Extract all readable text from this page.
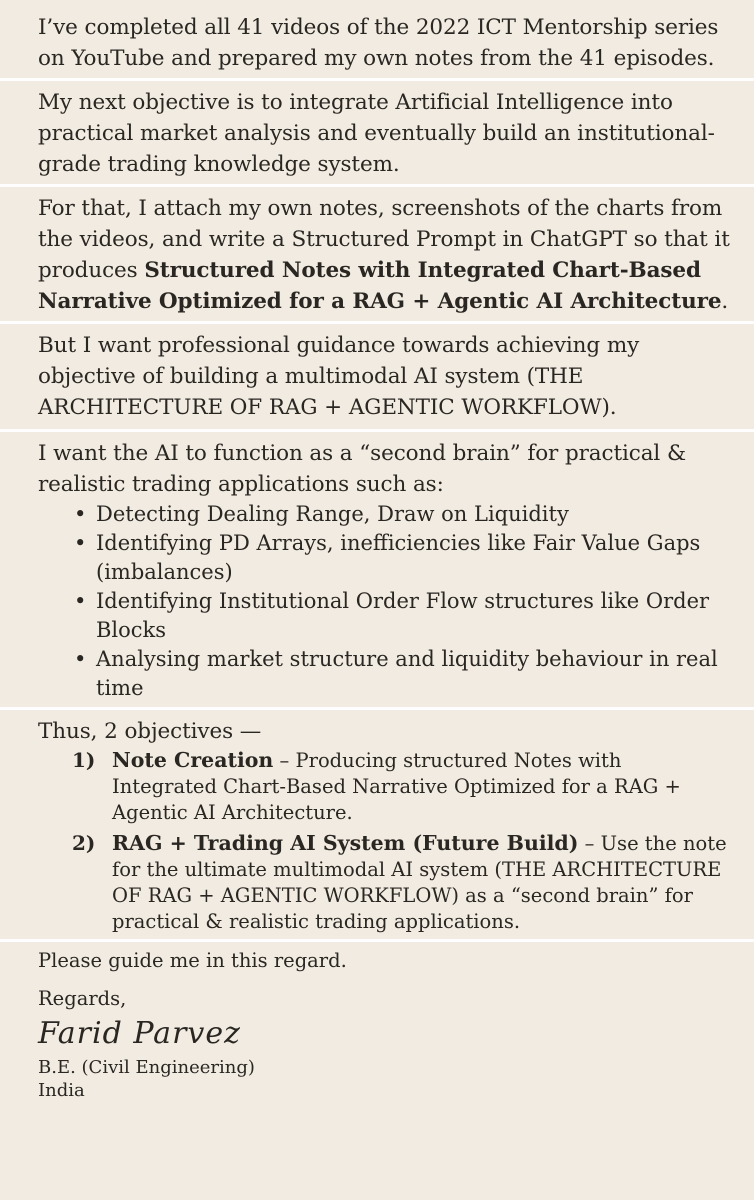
I’ve completed all 41 videos of the 2022 ICT Mentorship series on YouTube and prepared my own notes from the 41 episodes.

My next objective is to integrate Artificial Intelligence into practical market analysis and eventually build an institutional-grade trading knowledge system.

For that, I attach my own notes, screenshots of the charts from the videos, and write a Structured Prompt in ChatGPT so that it produces Structured Notes with Integrated Chart-Based Narrative Optimized for a RAG + Agentic AI Architecture.

But I want professional guidance towards achieving my objective of building a multimodal AI system (THE ARCHITECTURE OF RAG + AGENTIC WORKFLOW).

I want the AI to function as a “second brain” for practical & realistic trading applications such as:

• Detecting Dealing Range, Draw on Liquidity
• Identifying PD Arrays, inefficiencies like Fair Value Gaps (imbalances)
• Identifying Institutional Order Flow structures like Order Blocks
• Analysing market structure and liquidity behaviour in real time

Thus, 2 objectives —

1) Note Creation – Producing structured Notes with Integrated Chart-Based Narrative Optimized for a RAG + Agentic AI Architecture.
2) RAG + Trading AI System (Future Build) – Use the note for the ultimate multimodal AI system (THE ARCHITECTURE OF RAG + AGENTIC WORKFLOW) as a “second brain” for practical & realistic trading applications.

Please guide me in this regard.

Regards,

Farid Parvez
B.E. (Civil Engineering)
India
